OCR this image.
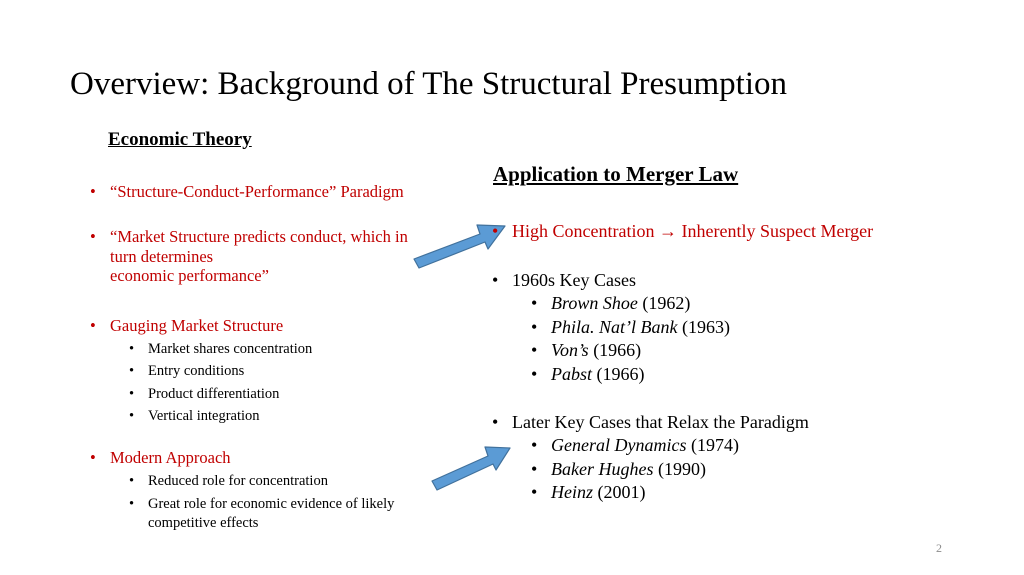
Overview: Background of The Structural Presumption
Economic Theory
• “Structure-Conduct-Performance” Paradigm
• “Market Structure predicts conduct, which in
turn determines
economic performance”
• Gauging Market Structure
• Market shares concentration
• Entry conditions
• Product differentiation
• Vertical integration
• Modern Approach
• Reduced role for concentration
• Great role for economic evidence of likely
competitive effects
Application to Merger Law
• High Concentration → Inherently Suspect Merger
• 1960s Key Cases
• Brown Shoe (1962)
• Phila. Nat’l Bank (1963)
• Von’s (1966)
• Pabst (1966)
• Later Key Cases that Relax the Paradigm
• General Dynamics (1974)
• Baker Hughes (1990)
• Heinz (2001)
2
